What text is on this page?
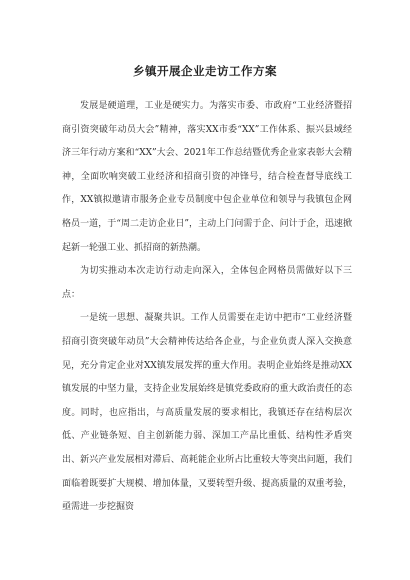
乡镇开展企业走访工作方案

发展是硬道理，工业是硬实力。为落实市委、市政府“工业经济暨招商引资突破年动员大会”精神，落实XX市委“XX”工作体系、振兴县域经济三年行动方案和“XX”大会、2021年工作总结暨优秀企业家表彰大会精神，全面吹响突破工业经济和招商引资的冲锋号，结合检查督导底线工作，XX镇拟邀请市服务企业专员制度中包企业单位和领导与我镇包企网格员一道，于“周二走访企业日”，主动上门问需于企、问计于企，迅速掀起新一轮强工业、抓招商的新热潮。

为切实推动本次走访行动走向深入，全体包企网格员需做好以下三点：

一是统一思想、凝聚共识。工作人员需要在走访中把市“工业经济暨招商引资突破年动员”大会精神传达给各企业，与企业负责人深入交换意见，充分肯定企业对XX镇发展发挥的重大作用。表明企业始终是推动XX镇发展的中坚力量，支持企业发展始终是镇党委政府的重大政治责任的态度。同时，也应指出，与高质量发展的要求相比，我镇还存在结构层次低、产业链条短、自主创新能力弱、深加工产品比重低、结构性矛盾突出、新兴产业发展相对滞后、高耗能企业所占比重较大等突出问题，我们面临着既要扩大规模、增加体量，又要转型升级、提高质量的双重考验，亟需进一步挖掘资
